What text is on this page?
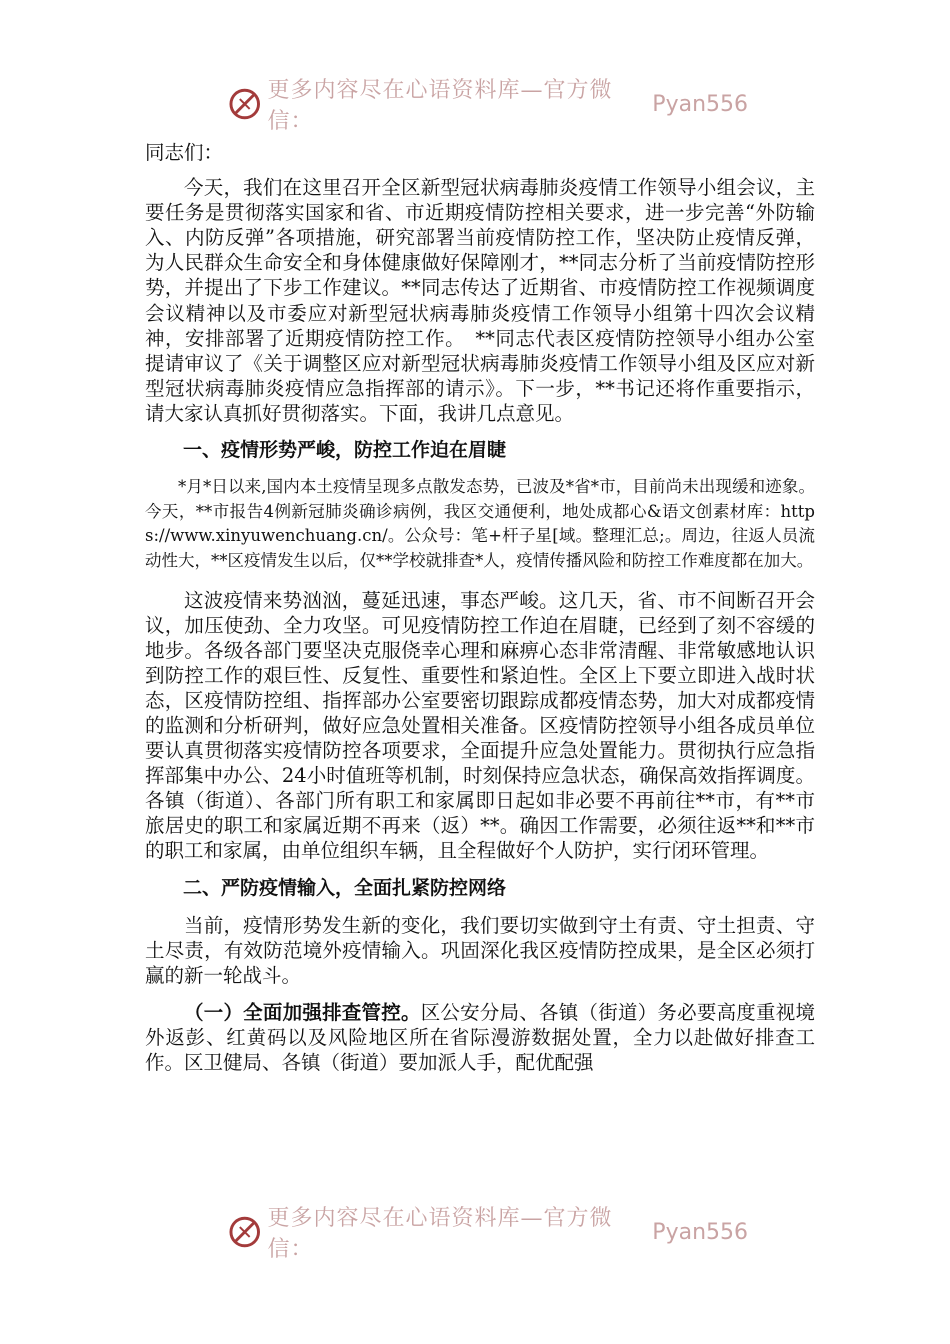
更多内容尽在心语资料库—官方微信：
Pyan556

同志们：

今天，我们在这里召开全区新型冠状病毒肺炎疫情工作领导小组会议，主要任务是贯彻落实国家和省、市近期疫情防控相关要求，进一步完善“外防输入、内防反弹”各项措施，研究部署当前疫情防控工作，坚决防止疫情反弹，为人民群众生命安全和身体健康做好保障刚才，**同志分析了当前疫情防控形势，并提出了下步工作建议。**同志传达了近期省、市疫情防控工作视频调度会议精神以及市委应对新型冠状病毒肺炎疫情工作领导小组第十四次会议精神，安排部署了近期疫情防控工作。　**同志代表区疫情防控领导小组办公室提请审议了《关于调整区应对新型冠状病毒肺炎疫情工作领导小组及区应对新型冠状病毒肺炎疫情应急指挥部的请示》。下一步，**书记还将作重要指示，请大家认真抓好贯彻落实。下面，我讲几点意见。

一、疫情形势严峻，防控工作迫在眉睫

*月*日以来,国内本土疫情呈现多点散发态势，已波及*省*市，目前尚未出现缓和迹象。今天，**市报告4例新冠肺炎确诊病例，我区交通便利，地处成都心&语文创素材库：https://www.xinyuwenchuang.cn/。公众号：笔+杆子星[域。整理汇总;。周边，往返人员流动性大，**区疫情发生以后，仅**学校就排查*人，疫情传播风险和防控工作难度都在加大。

这波疫情来势汹汹，蔓延迅速，事态严峻。这几天，省、市不间断召开会议，加压使劲、全力攻坚。可见疫情防控工作迫在眉睫，已经到了刻不容缓的地步。各级各部门要坚决克服侥幸心理和麻痹心态非常清醒、非常敏感地认识到防控工作的艰巨性、反复性、重要性和紧迫性。全区上下要立即进入战时状态，区疫情防控组、指挥部办公室要密切跟踪成都疫情态势，加大对成都疫情的监测和分析研判，做好应急处置相关准备。区疫情防控领导小组各成员单位要认真贯彻落实疫情防控各项要求，全面提升应急处置能力。贯彻执行应急指挥部集中办公、24小时值班等机制，时刻保持应急状态，确保高效指挥调度。各镇（街道）、各部门所有职工和家属即日起如非必要不再前往**市，有**市旅居史的职工和家属近期不再来（返）**。确因工作需要，必须往返**和**市的职工和家属，由单位组织车辆，且全程做好个人防护，实行闭环管理。

二、严防疫情输入，全面扎紧防控网络

当前，疫情形势发生新的变化，我们要切实做到守土有责、守土担责、守土尽责，有效防范境外疫情输入。巩固深化我区疫情防控成果，是全区必须打赢的新一轮战斗。

（一）全面加强排查管控。区公安分局、各镇（街道）务必要高度重视境外返彭、红黄码以及风险地区所在省际漫游数据处置，全力以赴做好排查工作。区卫健局、各镇（街道）要加派人手，配优配强

更多内容尽在心语资料库—官方微信：
Pyan556
